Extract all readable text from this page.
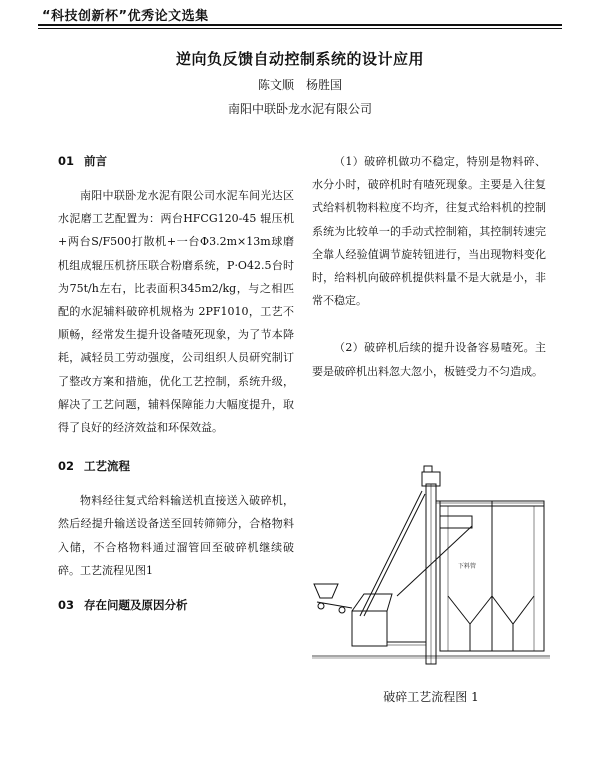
“科技创新杯”优秀论文选集
逆向负反馈自动控制系统的设计应用
陈文顺　杨胜国
南阳中联卧龙水泥有限公司
01 前言

南阳中联卧龙水泥有限公司水泥车间光达区水泥磨工艺配置为：两台HFCG120-45 辊压机+两台S/F500打散机+一台Φ3.2m×13m球磨机组成辊压机挤压联合粉磨系统，P·O42.5台时为75t/h左右，比表面积345m2/kg，与之相匹配的水泥辅料破碎机规格为 2PF1010，工艺不顺畅，经常发生提升设备喳死现象，为了节本降耗，减轻员工劳动强度，公司组织人员研究制订了整改方案和措施，优化工艺控制，系统升级，解决了工艺问题，辅料保障能力大幅度提升，取得了良好的经济效益和环保效益。

02 工艺流程

物料经往复式给料输送机直接送入破碎机，然后经提升输送设备送至回转筛筛分，合格物料入储，不合格物料通过溜管回至破碎机继续破碎。工艺流程见图1

03 存在问题及原因分析

（1）破碎机做功不稳定，特别是物料碎、水分小时，破碎机时有喳死现象。主要是入往复式给料机物料粒度不均齐，往复式给料机的控制系统为比较单一的手动式控制箱，其控制转速完全靠人经验值调节旋转钮进行，当出现物料变化时，给料机向破碎机提供料量不是大就是小，非常不稳定。

（2）破碎机后续的提升设备容易喳死。主要是破碎机出料忽大忽小，板链受力不匀造成。

下料管
破碎工艺流程图 1
